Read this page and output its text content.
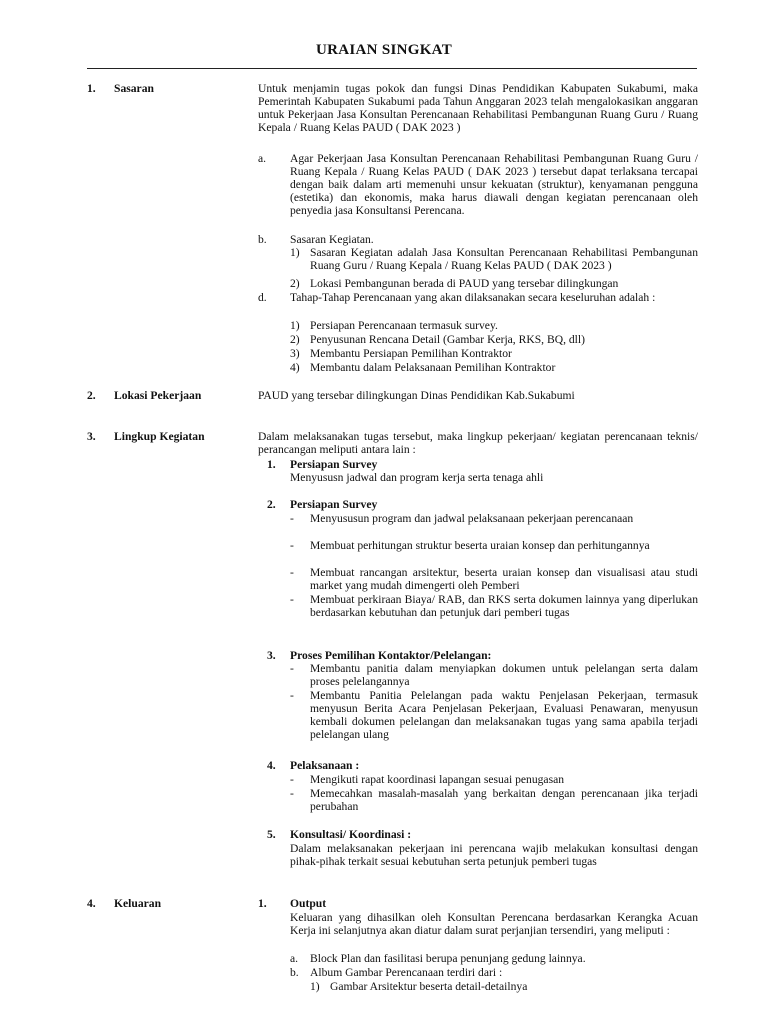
URAIAN SINGKAT
1. Sasaran	Untuk menjamin tugas pokok dan fungsi Dinas Pendidikan Kabupaten Sukabumi, maka Pemerintah Kabupaten Sukabumi pada Tahun Anggaran 2023 telah mengalokasikan anggaran untuk Pekerjaan Jasa Konsultan Perencanaan Rehabilitasi Pembangunan Ruang Guru / Ruang Kepala / Ruang Kelas PAUD ( DAK 2023 )
a. Agar Pekerjaan Jasa Konsultan Perencanaan Rehabilitasi Pembangunan Ruang Guru / Ruang Kepala / Ruang Kelas PAUD ( DAK 2023 ) tersebut dapat terlaksana tercapai dengan baik dalam arti memenuhi unsur kekuatan (struktur), kenyamanan pengguna (estetika) dan ekonomis, maka harus diawali dengan kegiatan perencanaan oleh penyedia jasa Konsultansi Perencana.
b. Sasaran Kegiatan.
1) Sasaran Kegiatan adalah Jasa Konsultan Perencanaan Rehabilitasi Pembangunan Ruang Guru / Ruang Kepala / Ruang Kelas PAUD ( DAK 2023 )
2) Lokasi Pembangunan berada di PAUD yang tersebar dilingkungan
d. Tahap-Tahap Perencanaan yang akan dilaksanakan secara keseluruhan adalah :
1) Persiapan Perencanaan termasuk survey.
2) Penyusunan Rencana Detail (Gambar Kerja, RKS, BQ, dll)
3) Membantu Persiapan Pemilihan Kontraktor
4) Membantu dalam Pelaksanaan Pemilihan Kontraktor
2. Lokasi Pekerjaan	PAUD yang tersebar dilingkungan Dinas Pendidikan Kab.Sukabumi
3. Lingkup Kegiatan	Dalam melaksanakan tugas tersebut, maka lingkup pekerjaan/ kegiatan perencanaan teknis/ perancangan meliputi antara lain :
1. Persiapan Survey
Menyususn jadwal dan program kerja serta tenaga ahli
2. Persiapan Survey
- Menyususun program dan jadwal pelaksanaan pekerjaan perencanaan
- Membuat perhitungan struktur beserta uraian konsep dan perhitungannya
- Membuat rancangan arsitektur, beserta uraian konsep dan visualisasi atau studi market yang mudah dimengerti oleh Pemberi
- Membuat perkiraan Biaya/ RAB, dan RKS serta dokumen lainnya yang diperlukan berdasarkan kebutuhan dan petunjuk dari pemberi tugas
3. Proses Pemilihan Kontaktor/Pelelangan:
- Membantu panitia dalam menyiapkan dokumen untuk pelelangan serta dalam proses pelelangannya
- Membantu Panitia Pelelangan pada waktu Penjelasan Pekerjaan, termasuk menyusun Berita Acara Penjelasan Pekerjaan, Evaluasi Penawaran, menyusun kembali dokumen pelelangan dan melaksanakan tugas yang sama apabila terjadi pelelangan ulang
4. Pelaksanaan :
- Mengikuti rapat koordinasi lapangan sesuai penugasan
- Memecahkan masalah-masalah yang berkaitan dengan perencanaan jika terjadi perubahan
5. Konsultasi/ Koordinasi :
Dalam melaksanakan pekerjaan ini perencana wajib melakukan konsultasi dengan pihak-pihak terkait sesuai kebutuhan serta petunjuk pemberi tugas
4. Keluaran	1. Output
Keluaran yang dihasilkan oleh Konsultan Perencana berdasarkan Kerangka Acuan Kerja ini selanjutnya akan diatur dalam surat perjanjian tersendiri, yang meliputi :
a. Block Plan dan fasilitasi berupa penunjang gedung lainnya.
b. Album Gambar Perencanaan terdiri dari :
1) Gambar Arsitektur beserta detail-detailnya
